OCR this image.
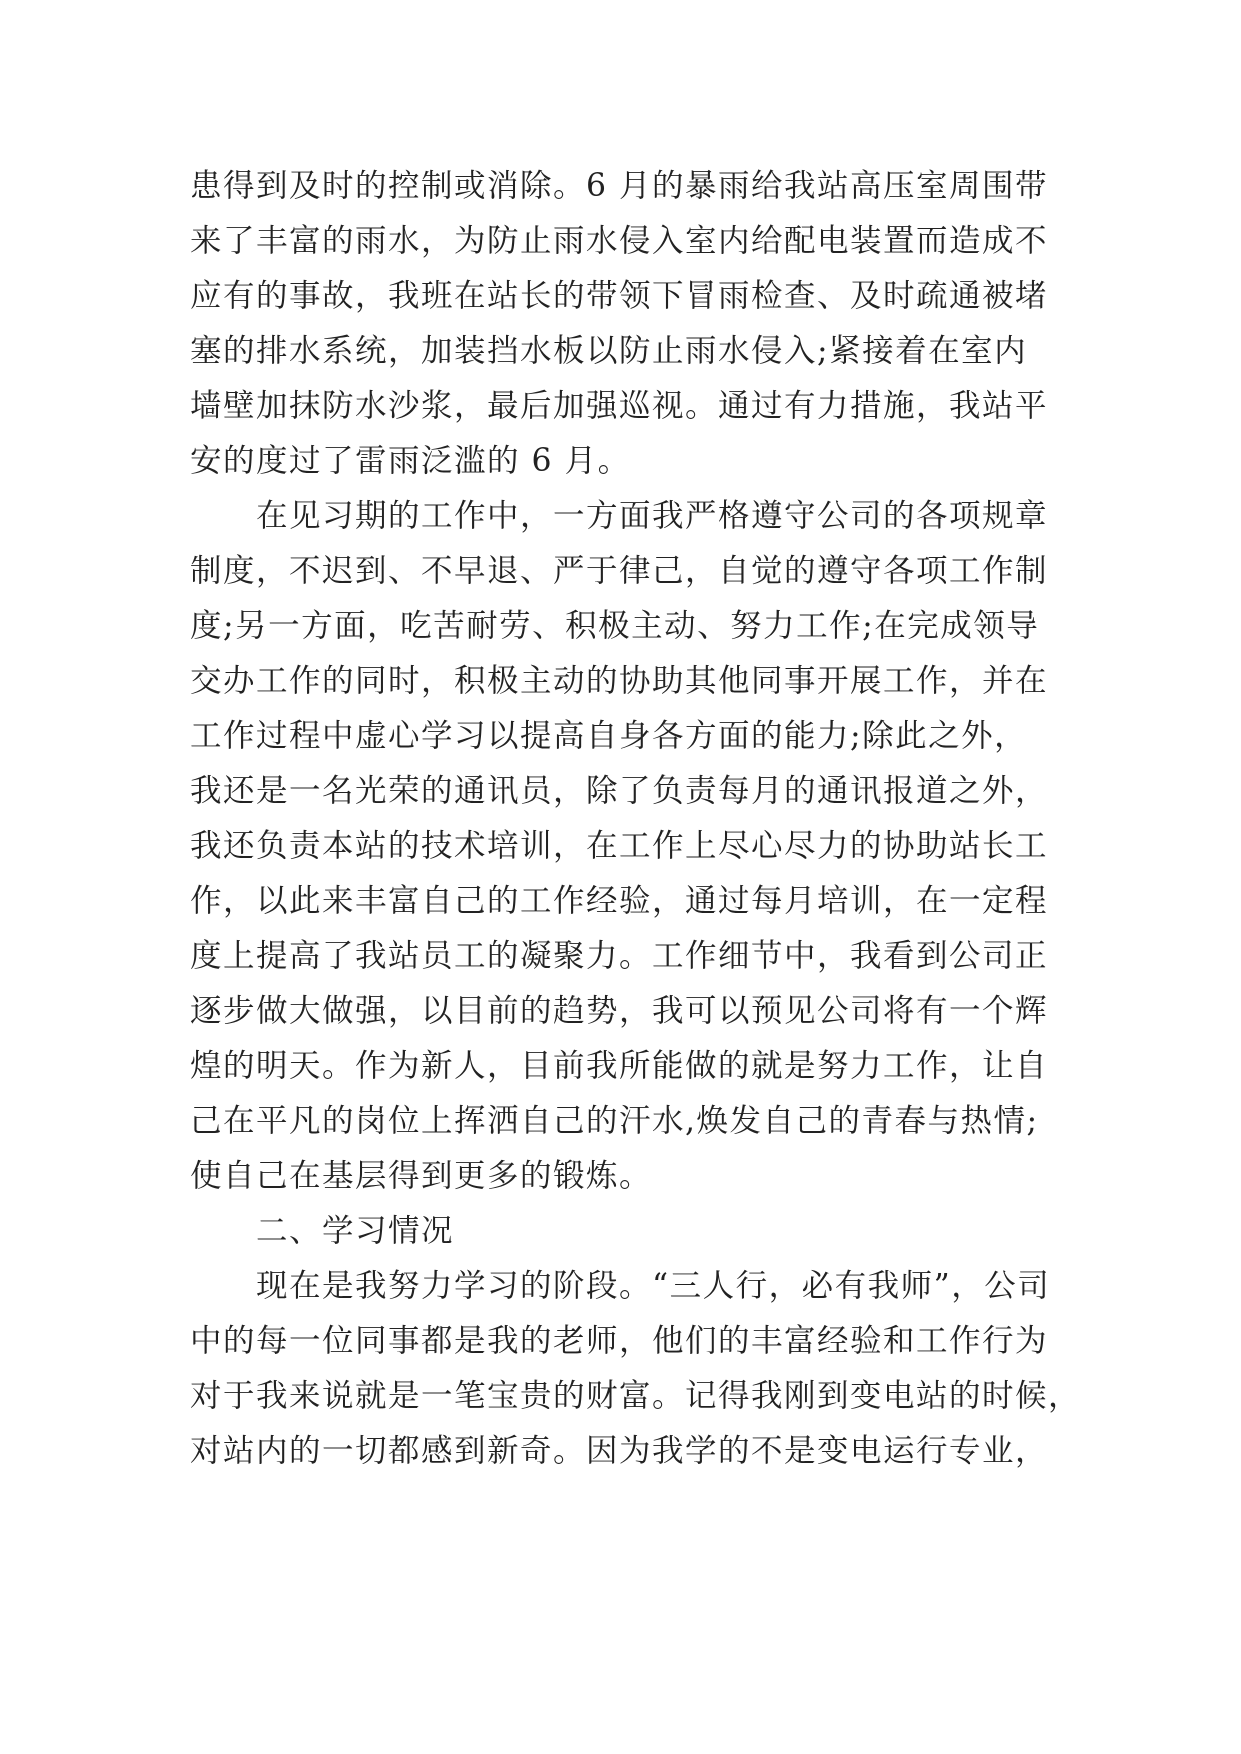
患得到及时的控制或消除。6 月的暴雨给我站高压室周围带
来了丰富的雨水，为防止雨水侵入室内给配电装置而造成不
应有的事故，我班在站长的带领下冒雨检查、及时疏通被堵
塞的排水系统，加装挡水板以防止雨水侵入;紧接着在室内
墙壁加抹防水沙浆，最后加强巡视。通过有力措施，我站平
安的度过了雷雨泛滥的 6 月。
　　在见习期的工作中，一方面我严格遵守公司的各项规章
制度，不迟到、不早退、严于律己，自觉的遵守各项工作制
度;另一方面，吃苦耐劳、积极主动、努力工作;在完成领导
交办工作的同时，积极主动的协助其他同事开展工作，并在
工作过程中虚心学习以提高自身各方面的能力;除此之外，
我还是一名光荣的通讯员，除了负责每月的通讯报道之外，
我还负责本站的技术培训，在工作上尽心尽力的协助站长工
作，以此来丰富自己的工作经验，通过每月培训，在一定程
度上提高了我站员工的凝聚力。工作细节中，我看到公司正
逐步做大做强，以目前的趋势，我可以预见公司将有一个辉
煌的明天。作为新人，目前我所能做的就是努力工作，让自
己在平凡的岗位上挥洒自己的汗水,焕发自己的青春与热情;
使自己在基层得到更多的锻炼。
　　二、学习情况
　　现在是我努力学习的阶段。“三人行，必有我师”，公司
中的每一位同事都是我的老师，他们的丰富经验和工作行为
对于我来说就是一笔宝贵的财富。记得我刚到变电站的时候，
对站内的一切都感到新奇。因为我学的不是变电运行专业，
